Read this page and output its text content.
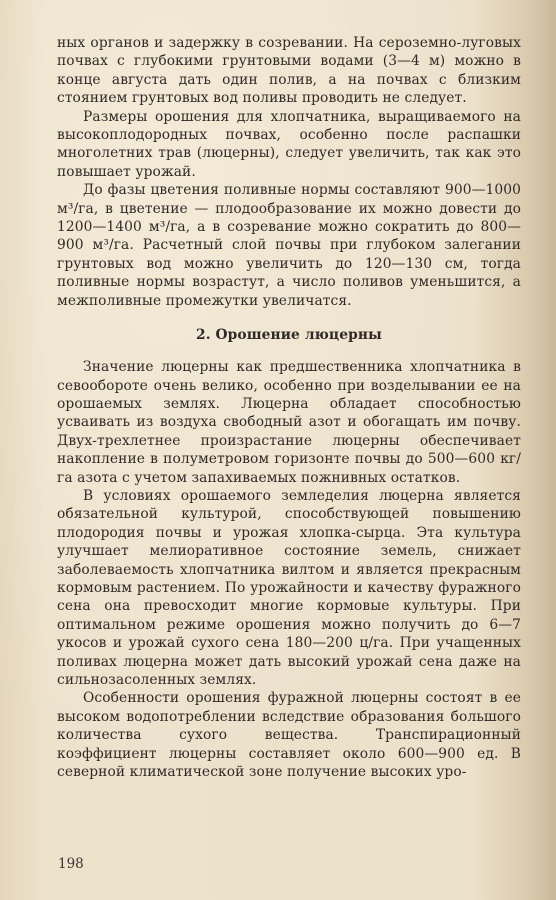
ных органов и задержку в созревании. На сероземно-луговых почвах с глубокими грунтовыми водами (3—4 м) можно в конце августа дать один полив, а на почвах с близким стоянием грунтовых вод поливы проводить не следует.

Размеры орошения для хлопчатника, выращиваемого на высокоплодородных почвах, особенно после распашки многолетних трав (люцерны), следует увеличить, так как это повышает урожай.

До фазы цветения поливные нормы составляют 900—1000 м³/га, в цветение — плодообразование их можно довести до 1200—1400 м³/га, а в созревание можно сократить до 800—900 м³/га. Расчетный слой почвы при глубоком залегании грунтовых вод можно увеличить до 120—130 см, тогда поливные нормы возрастут, а число поливов уменьшится, а межполивные промежутки увеличатся.

2. Орошение люцерны

Значение люцерны как предшественника хлопчатника в севообороте очень велико, особенно при возделывании ее на орошаемых землях. Люцерна обладает способностью усваивать из воздуха свободный азот и обогащать им почву. Двух-трехлетнее произрастание люцерны обеспечивает накопление в полуметровом горизонте почвы до 500—600 кг/га азота с учетом запахиваемых пожнивных остатков.

В условиях орошаемого земледелия люцерна является обязательной культурой, способствующей повышению плодородия почвы и урожая хлопка-сырца. Эта культура улучшает мелиоративное состояние земель, снижает заболеваемость хлопчатника вилтом и является прекрасным кормовым растением. По урожайности и качеству фуражного сена она превосходит многие кормовые культуры. При оптимальном режиме орошения можно получить до 6—7 укосов и урожай сухого сена 180—200 ц/га. При учащенных поливах люцерна может дать высокий урожай сена даже на сильнозасоленных землях.

Особенности орошения фуражной люцерны состоят в ее высоком водопотреблении вследствие образования большого количества сухого вещества. Транспирационный коэффициент люцерны составляет около 600—900 ед. В северной климатической зоне получение высоких уро-

198
